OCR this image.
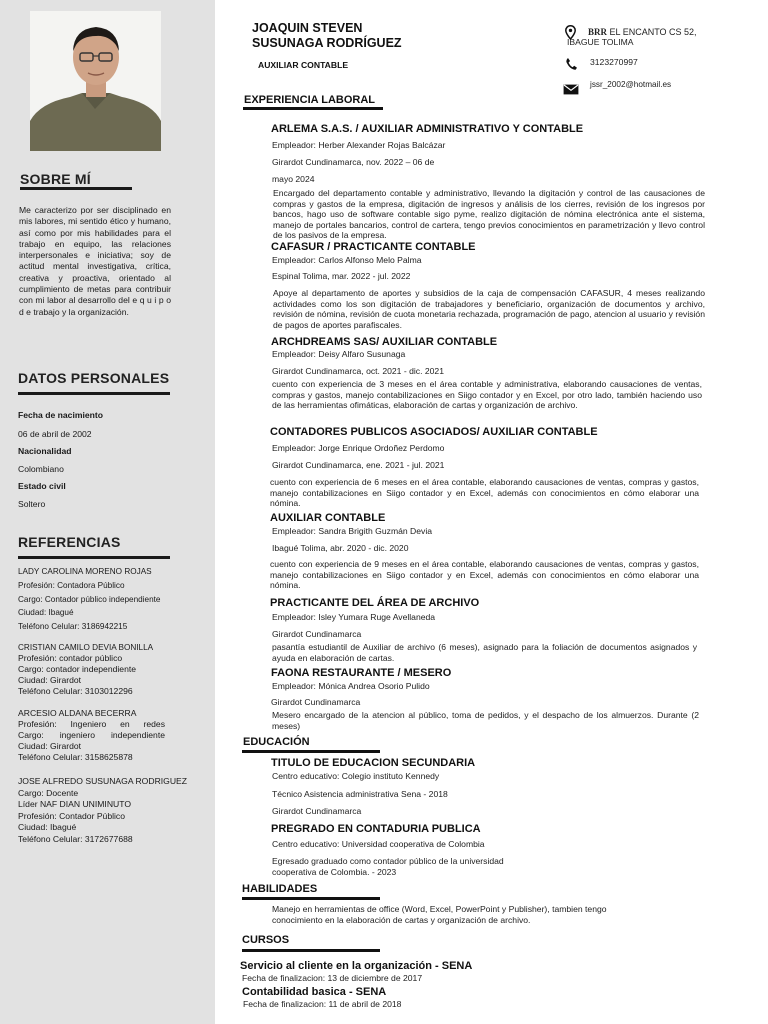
SOBRE MÍ
Me caracterizo por ser disciplinado en mis labores, mi sentido ético y humano, así como por mis habilidades para el trabajo en equipo, las relaciones interpersonales e iniciativa; soy de actitud mental investigativa, crítica, creativa y proactiva, orientado al cumplimiento de metas para contribuir con mi labor al desarrollo del e q u i p o d e trabajo y la organización.
DATOS PERSONALES
Fecha de nacimiento
06 de abril de 2002
Nacionalidad
Colombiano
Estado civil
Soltero
REFERENCIAS
LADY CAROLINA MORENO ROJAS
Profesión: Contadora Público
Cargo: Contador público independiente
Ciudad: Ibagué
Teléfono Celular: 3186942215
CRISTIAN CAMILO DEVIA BONILLA
Profesión: contador público
Cargo: contador independiente
Ciudad: Girardot
Teléfono Celular: 3103012296
ARCESIO ALDANA BECERRA
Profesión: Ingeniero en redes
Cargo: ingeniero independiente
Ciudad: Girardot
Teléfono Celular: 3158625878
JOSE ALFREDO SUSUNAGA RODRIGUEZ
Cargo: Docente
Líder NAF DIAN UNIMINUTO
Profesión: Contador Público
Ciudad: Ibagué
Teléfono Celular: 3172677688
JOAQUIN STEVEN
SUSUNAGA RODRÍGUEZ
AUXILIAR CONTABLE
BRR EL ENCANTO CS 52,
IBAGUE TOLIMA
3123270997
jssr_2002@hotmail.es
EXPERIENCIA LABORAL
ARLEMA S.A.S. / AUXILIAR ADMINISTRATIVO Y CONTABLE
Empleador: Herber Alexander Rojas Balcázar
Girardot Cundinamarca, nov. 2022 – 06 de
mayo 2024
Encargado del departamento contable y administrativo, llevando la digitación y control de las causaciones de compras y gastos de la empresa, digitación de ingresos y análisis de los cierres, revisión de los ingresos por bancos, hago uso de software contable sigo pyme, realizo digitación de nómina electrónica ante el sistema, manejo de portales bancarios, control de cartera, tengo previos conocimientos en parametrización y llevo control de los pasivos de la empresa.
CAFASUR / PRACTICANTE CONTABLE
Empleador: Carlos Alfonso Melo Palma
Espinal Tolima, mar. 2022 - jul. 2022
Apoye al departamento de aportes y subsidios de la caja de compensación CAFASUR, 4 meses realizando actividades como los son digitación de trabajadores y beneficiario, organización de documentos y archivo, revisión de nómina, revisión de cuota monetaria rechazada, programación de pago, atencion al usuario y revisión de pagos de aportes parafiscales.
ARCHDREAMS SAS/ AUXILIAR CONTABLE
Empleador: Deisy Alfaro Susunaga
Girardot Cundinamarca, oct. 2021 - dic. 2021
cuento con experiencia de 3 meses en el área contable y administrativa, elaborando causaciones de ventas, compras y gastos, manejo contabilizaciones en Siigo contador y en Excel, por otro lado, también haciendo uso de las herramientas ofimáticas, elaboración de cartas y organización de archivo.
CONTADORES PUBLICOS ASOCIADOS/ AUXILIAR CONTABLE
Empleador: Jorge Enrique Ordoñez Perdomo
Girardot Cundinamarca, ene. 2021 - jul. 2021
cuento con experiencia de 6 meses en el área contable, elaborando causaciones de ventas, compras y gastos, manejo contabilizaciones en Siigo contador y en Excel, además con conocimientos en cómo elaborar una nómina.
AUXILIAR CONTABLE
Empleador: Sandra Brigith Guzmán Devia
Ibagué Tolima, abr. 2020 - dic. 2020
cuento con experiencia de 9 meses en el área contable, elaborando causaciones de ventas, compras y gastos, manejo contabilizaciones en Siigo contador y en Excel, además con conocimientos en cómo elaborar una nómina.
PRACTICANTE DEL ÁREA DE ARCHIVO
Empleador: Isley Yumara Ruge Avellaneda
Girardot Cundinamarca
pasantía estudiantil de Auxiliar de archivo (6 meses), asignado para la foliación de documentos asignados y ayuda en elaboración de cartas.
FAONA RESTAURANTE / MESERO
Empleador: Mónica Andrea Osorio Pulido
Girardot Cundinamarca
Mesero encargado de la atencion al público, toma de pedidos, y el despacho de los almuerzos. Durante (2 meses)
EDUCACIÓN
TITULO DE EDUCACION SECUNDARIA
Centro educativo: Colegio instituto Kennedy
Técnico Asistencia administrativa Sena - 2018
Girardot Cundinamarca
PREGRADO EN CONTADURIA PUBLICA
Centro educativo: Universidad cooperativa de Colombia
Egresado graduado como contador público de la universidad
cooperativa de Colombia. - 2023
HABILIDADES
Manejo en herramientas de office (Word, Excel, PowerPoint y Publisher), tambien tengo conocimiento en la elaboración de cartas y organización de archivo.
CURSOS
Servicio al cliente en la organización - SENA
Fecha de finalizacion: 13 de diciembre de 2017
Contabilidad basica - SENA
Fecha de finalizacion: 11 de abril de 2018
